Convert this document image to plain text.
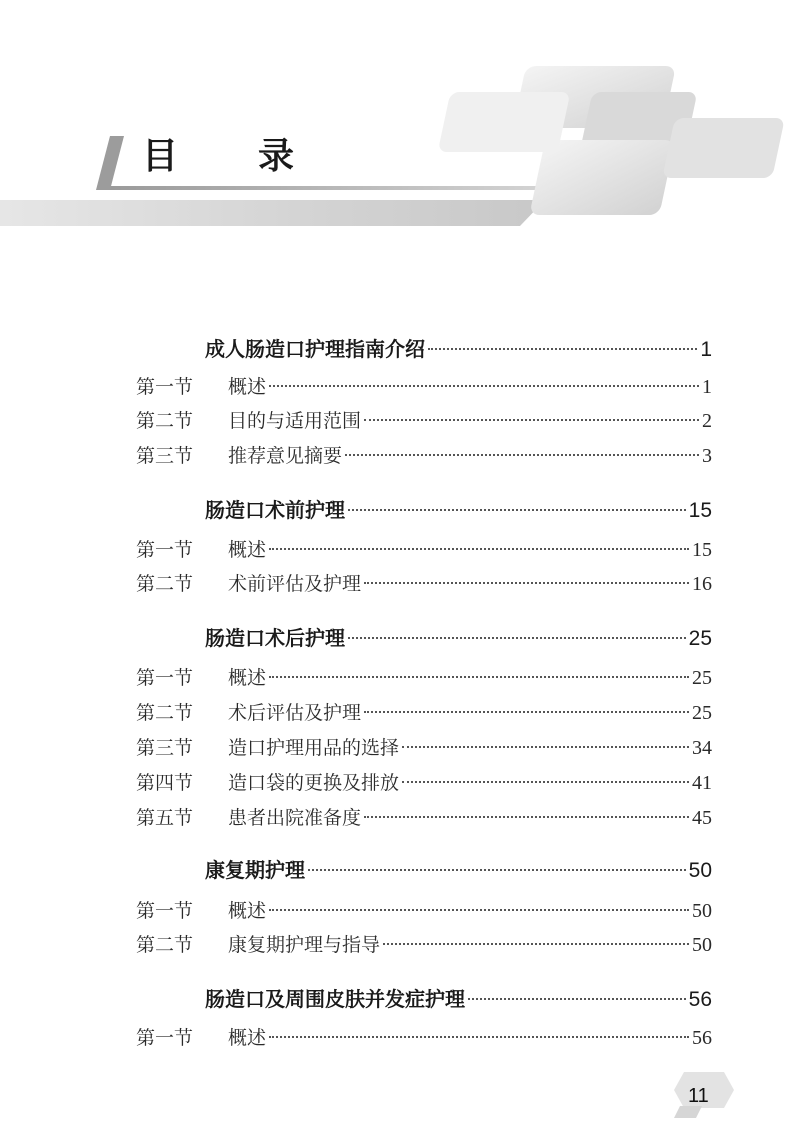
目　录
成人肠造口护理指南介绍	1
第一节 概述	1
第二节 目的与适用范围	2
第三节 推荐意见摘要	3
肠造口术前护理	15
第一节 概述	15
第二节 术前评估及护理	16
肠造口术后护理	25
第一节 概述	25
第二节 术后评估及护理	25
第三节 造口护理用品的选择	34
第四节 造口袋的更换及排放	41
第五节 患者出院准备度	45
康复期护理	50
第一节 概述	50
第二节 康复期护理与指导	50
肠造口及周围皮肤并发症护理	56
第一节 概述	56
11
